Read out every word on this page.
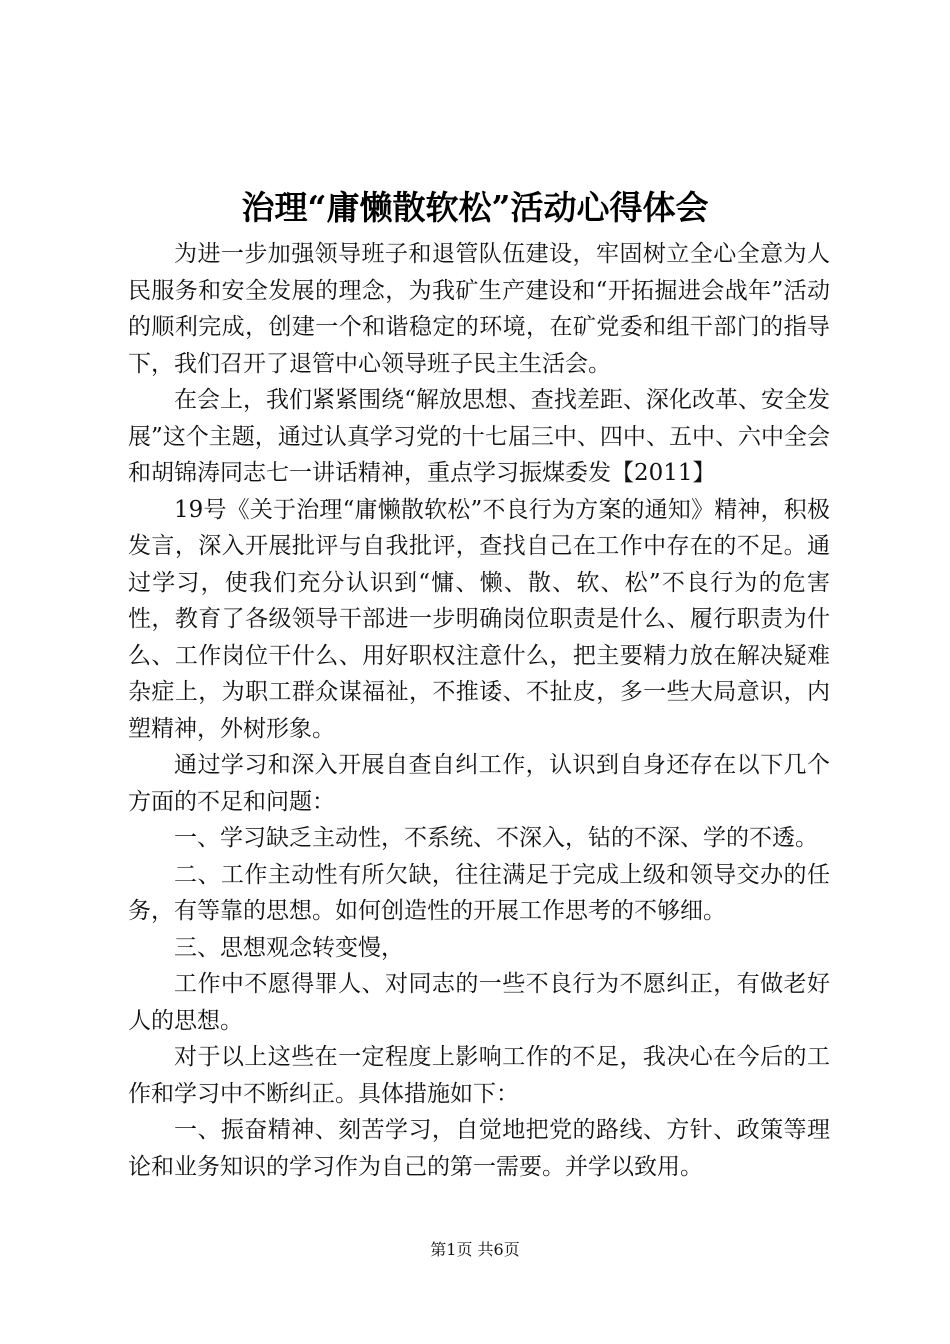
治理“庸懒散软松”活动心得体会

为进一步加强领导班子和退管队伍建设，牢固树立全心全意为人民服务和安全发展的理念，为我矿生产建设和“开拓掘进会战年”活动的顺利完成，创建一个和谐稳定的环境，在矿党委和组干部门的指导下，我们召开了退管中心领导班子民主生活会。

在会上，我们紧紧围绕“解放思想、查找差距、深化改革、安全发展”这个主题，通过认真学习党的十七届三中、四中、五中、六中全会和胡锦涛同志七一讲话精神，重点学习振煤委发【2011】

19号《关于治理“庸懒散软松”不良行为方案的通知》精神，积极发言，深入开展批评与自我批评，查找自己在工作中存在的不足。通过学习，使我们充分认识到“慵、懒、散、软、松”不良行为的危害性，教育了各级领导干部进一步明确岗位职责是什么、履行职责为什么、工作岗位干什么、用好职权注意什么，把主要精力放在解决疑难杂症上，为职工群众谋福祉，不推诿、不扯皮，多一些大局意识，内塑精神，外树形象。

通过学习和深入开展自查自纠工作，认识到自身还存在以下几个方面的不足和问题：

一、学习缺乏主动性，不系统、不深入，钻的不深、学的不透。

二、工作主动性有所欠缺，往往满足于完成上级和领导交办的任务，有等靠的思想。如何创造性的开展工作思考的不够细。

三、思想观念转变慢，

工作中不愿得罪人、对同志的一些不良行为不愿纠正，有做老好人的思想。

对于以上这些在一定程度上影响工作的不足，我决心在今后的工作和学习中不断纠正。具体措施如下：

一、振奋精神、刻苦学习，自觉地把党的路线、方针、政策等理论和业务知识的学习作为自己的第一需要。并学以致用。

第1页 共6页
